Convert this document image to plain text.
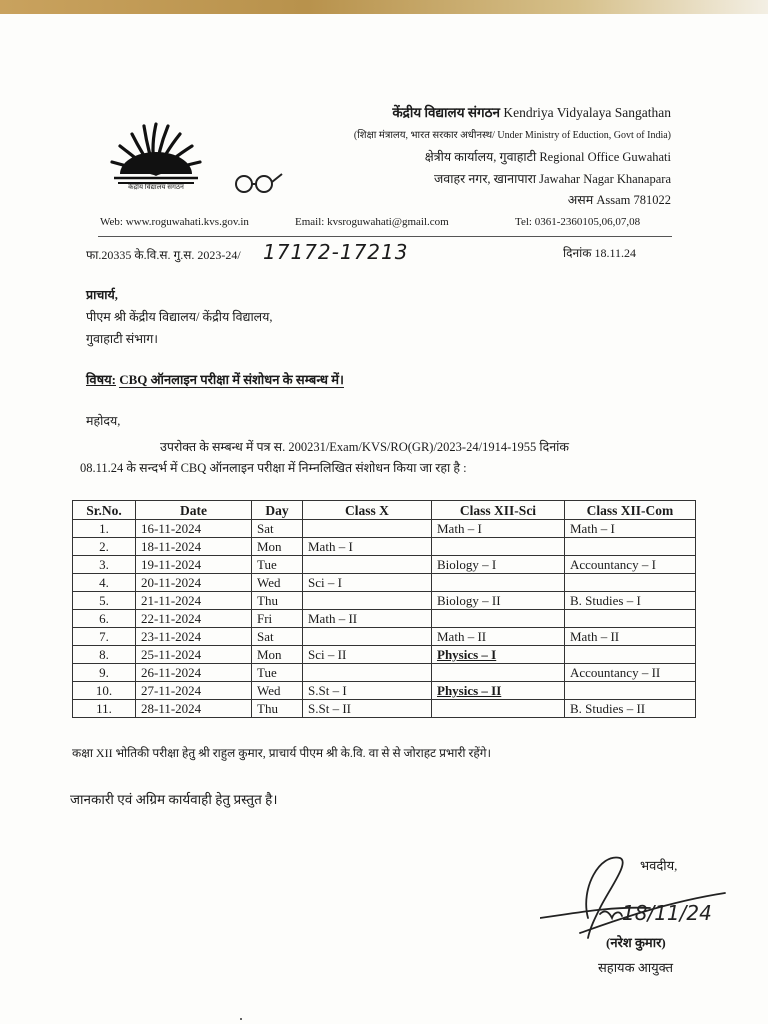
केंद्रीय विद्यालय संगठन
केंद्रीय विद्यालय संगठन Kendriya Vidyalaya Sangathan
(शिक्षा मंत्रालय, भारत सरकार अधीनस्थ/ Under Ministry of Eduction, Govt of India)
क्षेत्रीय कार्यालय, गुवाहाटी Regional Office Guwahati
जवाहर नगर, खानापारा Jawahar Nagar Khanapara
असम Assam 781022
Web: www.roguwahati.kvs.gov.in	Email: kvsroguwahati@gmail.com	Tel: 0361-2360105,06,07,08
फा.20335 के.वि.स. गु.स. 2023-24/ 17172-17213	दिनांक 18.11.24
प्राचार्य,
पीएम श्री केंद्रीय विद्यालय/ केंद्रीय विद्यालय,
गुवाहाटी संभाग।
विषय: CBQ ऑनलाइन परीक्षा में संशोधन के सम्बन्ध में।
महोदय,
उपरोक्त के सम्बन्ध में पत्र स. 200231/Exam/KVS/RO(GR)/2023-24/1914-1955 दिनांक
08.11.24 के सन्दर्भ में CBQ ऑनलाइन परीक्षा में निम्नलिखित संशोधन किया जा रहा है :
Sr.No.	Date	Day	Class X	Class XII-Sci	Class XII-Com
1.	16-11-2024	Sat		Math – I	Math – I
2.	18-11-2024	Mon	Math – I		
3.	19-11-2024	Tue		Biology – I	Accountancy – I
4.	20-11-2024	Wed	Sci – I		
5.	21-11-2024	Thu		Biology – II	B. Studies – I
6.	22-11-2024	Fri	Math – II		
7.	23-11-2024	Sat		Math – II	Math – II
8.	25-11-2024	Mon	Sci – II	Physics – I	
9.	26-11-2024	Tue			Accountancy – II
10.	27-11-2024	Wed	S.St – I	Physics – II	
11.	28-11-2024	Thu	S.St – II		B. Studies – II
कक्षा XII भोतिकी परीक्षा हेतु श्री राहुल कुमार, प्राचार्य पीएम श्री के.वि. वा से से जोराहट प्रभारी रहेंगे।
जानकारी एवं अग्रिम कार्यवाही हेतु प्रस्तुत है।
18/11/24
भवदीय,
(नरेश कुमार)
सहायक आयुक्त
